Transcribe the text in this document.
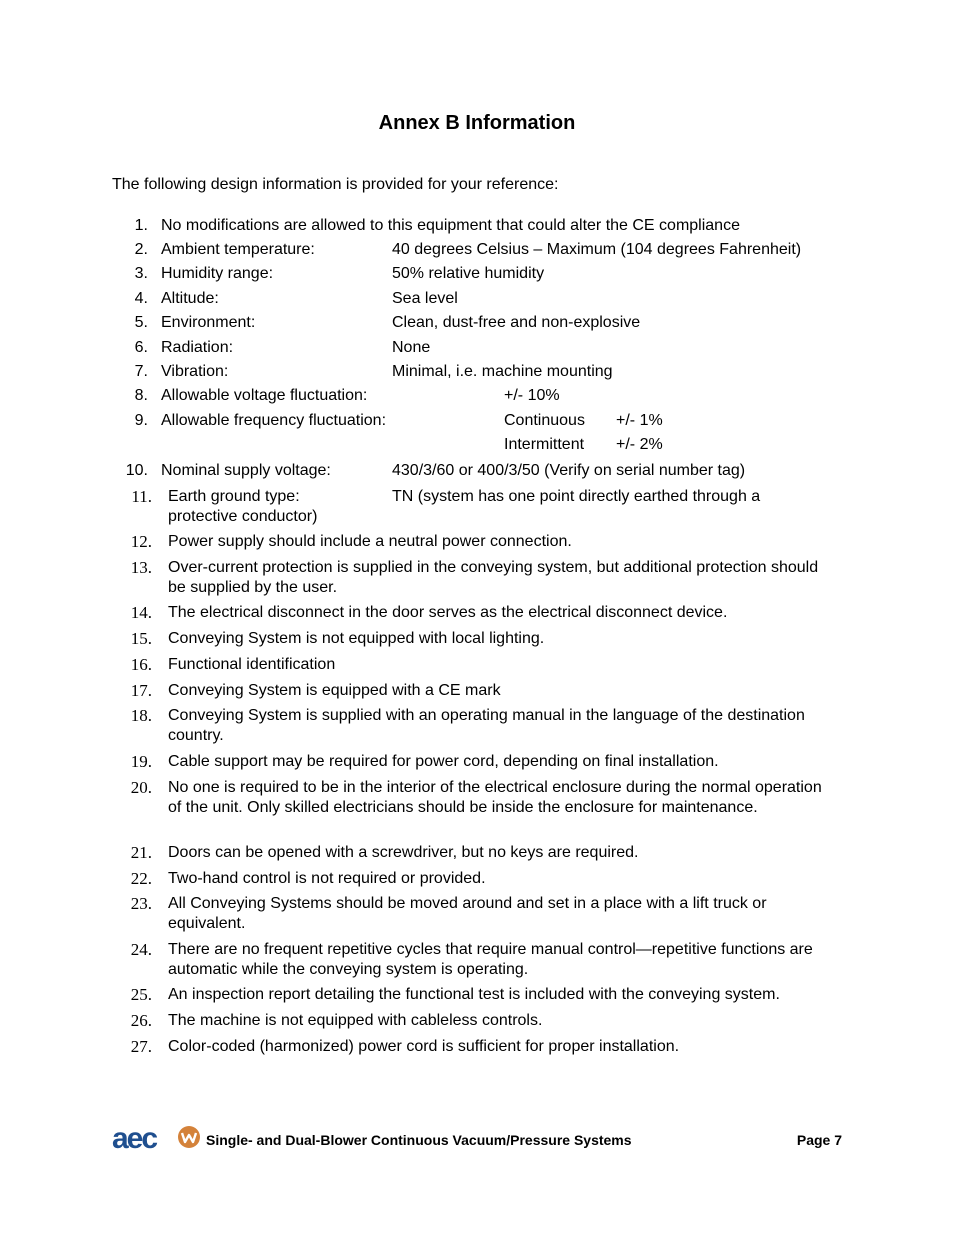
Annex B Information
The following design information is provided for your reference:
1. No modifications are allowed to this equipment that could alter the CE compliance
2. Ambient temperature:	40 degrees Celsius – Maximum (104 degrees Fahrenheit)
3. Humidity range:	50% relative humidity
4. Altitude:	Sea level
5. Environment:	Clean, dust-free and non-explosive
6. Radiation:	None
7. Vibration:	Minimal, i.e. machine mounting
8. Allowable voltage fluctuation:	+/- 10%
9. Allowable frequency fluctuation:	Continuous +/- 1%
Intermittent +/- 2%
10. Nominal supply voltage:	430/3/60 or 400/3/50 (Verify on serial number tag)
11. Earth ground type:	TN (system has one point directly earthed through a
protective conductor)
12. Power supply should include a neutral power connection.
13. Over-current protection is supplied in the conveying system, but additional protection should be supplied by the user.
14. The electrical disconnect in the door serves as the electrical disconnect device.
15. Conveying System is not equipped with local lighting.
16. Functional identification
17. Conveying System is equipped with a CE mark
18. Conveying System is supplied with an operating manual in the language of the destination country.
19. Cable support may be required for power cord, depending on final installation.
20. No one is required to be in the interior of the electrical enclosure during the normal operation of the unit. Only skilled electricians should be inside the enclosure for maintenance.
21. Doors can be opened with a screwdriver, but no keys are required.
22. Two-hand control is not required or provided.
23. All Conveying Systems should be moved around and set in a place with a lift truck or equivalent.
24. There are no frequent repetitive cycles that require manual control—repetitive functions are automatic while the conveying system is operating.
25. An inspection report detailing the functional test is included with the conveying system.
26. The machine is not equipped with cableless controls.
27. Color-coded (harmonized) power cord is sufficient for proper installation.
aec	Single- and Dual-Blower Continuous Vacuum/Pressure Systems	Page 7
